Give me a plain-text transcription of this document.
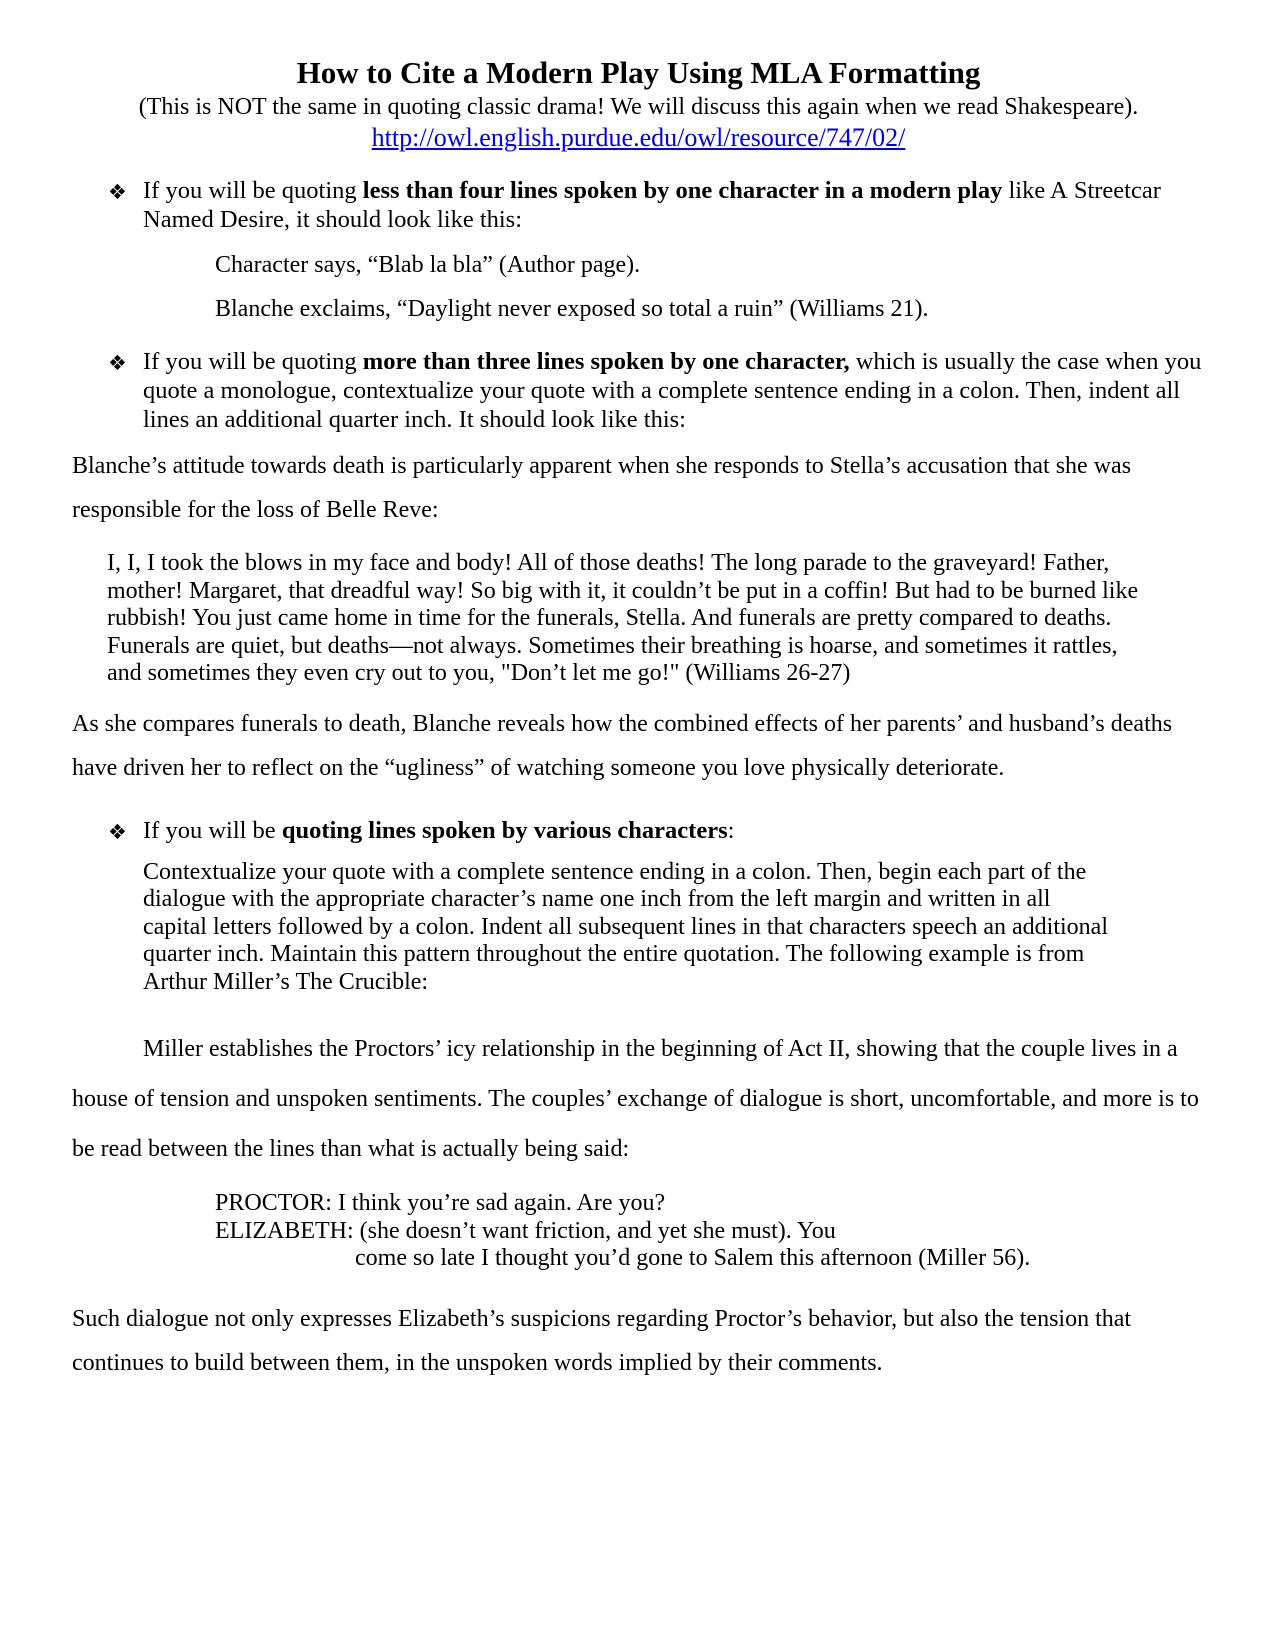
How to Cite a Modern Play Using MLA Formatting

(This is NOT the same in quoting classic drama! We will discuss this again when we read Shakespeare).

http://owl.english.purdue.edu/owl/resource/747/02/

❖ If you will be quoting less than four lines spoken by one character in a modern play like A Streetcar Named Desire, it should look like this:

Character says, “Blab la bla” (Author page).

Blanche exclaims, “Daylight never exposed so total a ruin” (Williams 21).

❖ If you will be quoting more than three lines spoken by one character, which is usually the case when you quote a monologue, contextualize your quote with a complete sentence ending in a colon. Then, indent all lines an additional quarter inch. It should look like this:

Blanche’s attitude towards death is particularly apparent when she responds to Stella’s accusation that she was responsible for the loss of Belle Reve:

I, I, I took the blows in my face and body! All of those deaths! The long parade to the graveyard! Father, mother! Margaret, that dreadful way! So big with it, it couldn’t be put in a coffin! But had to be burned like rubbish! You just came home in time for the funerals, Stella. And funerals are pretty compared to deaths. Funerals are quiet, but deaths—not always. Sometimes their breathing is hoarse, and sometimes it rattles, and sometimes they even cry out to you, "Don’t let me go!" (Williams 26-27)

As she compares funerals to death, Blanche reveals how the combined effects of her parents’ and husband’s deaths have driven her to reflect on the “ugliness” of watching someone you love physically deteriorate.

❖ If you will be quoting lines spoken by various characters:

Contextualize your quote with a complete sentence ending in a colon. Then, begin each part of the dialogue with the appropriate character’s name one inch from the left margin and written in all capital letters followed by a colon. Indent all subsequent lines in that characters speech an additional quarter inch. Maintain this pattern throughout the entire quotation. The following example is from Arthur Miller’s The Crucible:

Miller establishes the Proctors’ icy relationship in the beginning of Act II, showing that the couple lives in a house of tension and unspoken sentiments. The couples’ exchange of dialogue is short, uncomfortable, and more is to be read between the lines than what is actually being said:

PROCTOR: I think you’re sad again. Are you?
ELIZABETH: (she doesn’t want friction, and yet she must). You
come so late I thought you’d gone to Salem this afternoon (Miller 56).

Such dialogue not only expresses Elizabeth’s suspicions regarding Proctor’s behavior, but also the tension that continues to build between them, in the unspoken words implied by their comments.
